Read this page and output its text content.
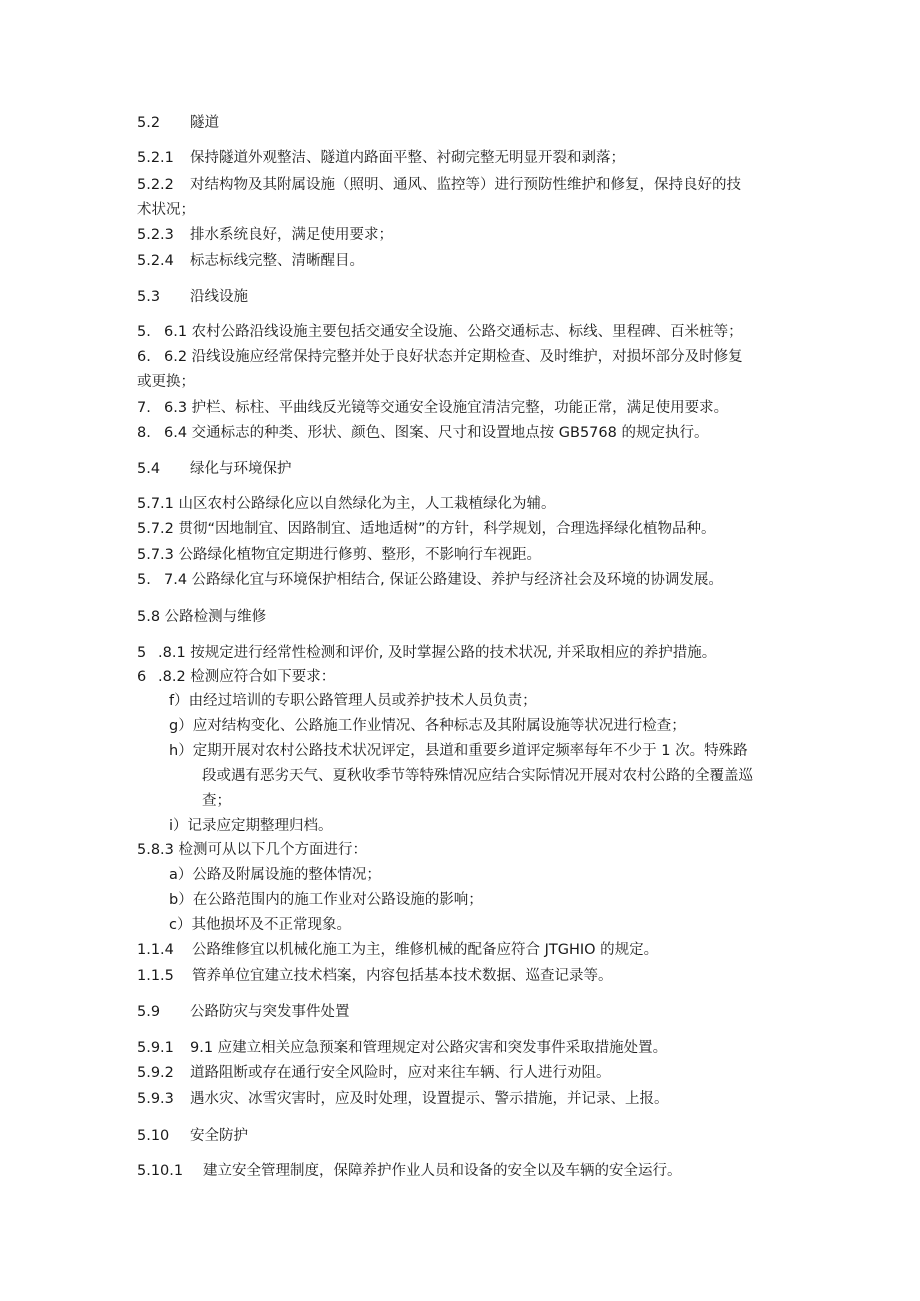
5.2 隧道
5.2.1 保持隧道外观整洁、隧道内路面平整、衬砌完整无明显开裂和剥落；
5.2.2 对结构物及其附属设施（照明、通风、监控等）进行预防性维护和修复，保持良好的技
术状况；
5.2.3 排水系统良好，满足使用要求；
5.2.4 标志标线完整、清晰醒目。
5.3 沿线设施
5. 6.1 农村公路沿线设施主要包括交通安全设施、公路交通标志、标线、里程碑、百米桩等；
6. 6.2 沿线设施应经常保持完整并处于良好状态并定期检查、及时维护，对损坏部分及时修复
或更换；
7. 6.3 护栏、标柱、平曲线反光镜等交通安全设施宜清洁完整，功能正常，满足使用要求。
8. 6.4 交通标志的种类、形状、颜色、图案、尺寸和设置地点按 GB5768 的规定执行。
5.4 绿化与环境保护
5.7.1 山区农村公路绿化应以自然绿化为主，人工栽植绿化为辅。
5.7.2 贯彻“因地制宜、因路制宜、适地适树”的方针，科学规划，合理选择绿化植物品种。
5.7.3 公路绿化植物宜定期进行修剪、整形，不影响行车视距。
5. 7.4 公路绿化宜与环境保护相结合, 保证公路建设、养护与经济社会及环境的协调发展。
5.8 公路检测与维修
5 .8.1 按规定进行经常性检测和评价, 及时掌握公路的技术状况, 并采取相应的养护措施。
6 .8.2 检测应符合如下要求：
f）由经过培训的专职公路管理人员或养护技术人员负责；
g）应对结构变化、公路施工作业情况、各种标志及其附属设施等状况进行检查；
h）定期开展对农村公路技术状况评定，县道和重要乡道评定频率每年不少于 1 次。特殊路
段或遇有恶劣天气、夏秋收季节等特殊情况应结合实际情况开展对农村公路的全覆盖巡
查；
i）记录应定期整理归档。
5.8.3 检测可从以下几个方面进行：
a）公路及附属设施的整体情况；
b）在公路范围内的施工作业对公路设施的影响；
c）其他损坏及不正常现象。
1.1.4 公路维修宜以机械化施工为主，维修机械的配备应符合 JTGHIO 的规定。
1.1.5 管养单位宜建立技术档案，内容包括基本技术数据、巡查记录等。
5.9 公路防灾与突发事件处置
5.9.1 9.1 应建立相关应急预案和管理规定对公路灾害和突发事件采取措施处置。
5.9.2 道路阻断或存在通行安全风险时，应对来往车辆、行人进行劝阻。
5.9.3 遇水灾、冰雪灾害时，应及时处理，设置提示、警示措施，并记录、上报。
5.10 安全防护
5.10.1 建立安全管理制度，保障养护作业人员和设备的安全以及车辆的安全运行。
